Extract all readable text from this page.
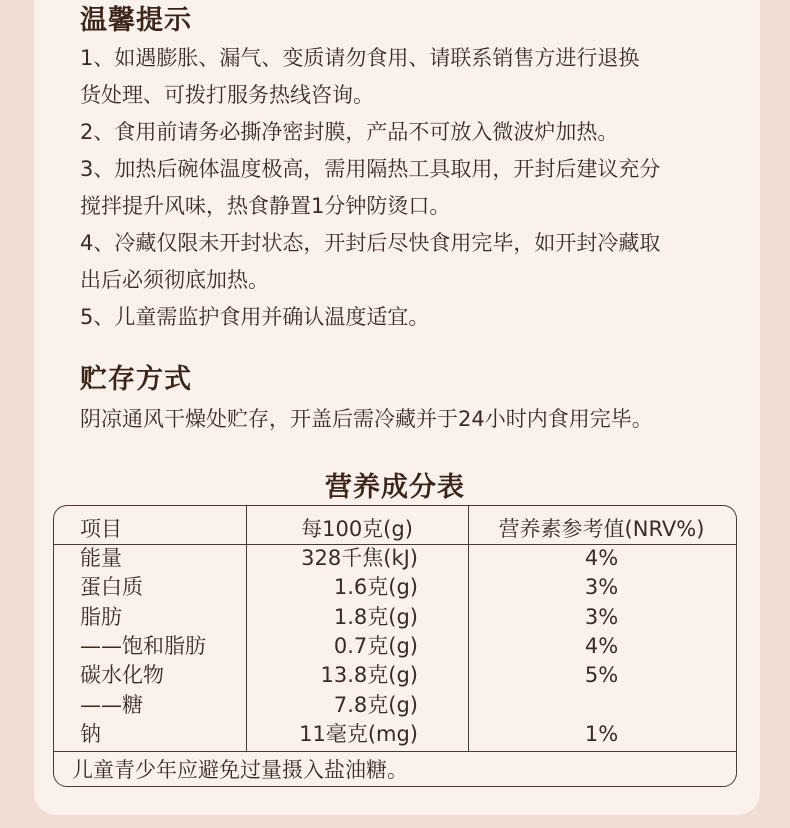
温馨提示
1、如遇膨胀、漏气、变质请勿食用、请联系销售方进行退换
货处理、可拨打服务热线咨询。
2、食用前请务必撕净密封膜，产品不可放入微波炉加热。
3、加热后碗体温度极高，需用隔热工具取用，开封后建议充分
搅拌提升风味，热食静置1分钟防烫口。
4、冷藏仅限未开封状态，开封后尽快食用完毕，如开封冷藏取
出后必须彻底加热。
5、儿童需监护食用并确认温度适宜。
贮存方式
阴凉通风干燥处贮存，开盖后需冷藏并于24小时内食用完毕。
营养成分表
项目	每100克(g)	营养素参考值(NRV%)
能量	328千焦(kJ)	4%
蛋白质	1.6克(g)	3%
脂肪	1.8克(g)	3%
——饱和脂肪	0.7克(g)	4%
碳水化物	13.8克(g)	5%
——糖	7.8克(g)
钠	11毫克(mg)	1%
儿童青少年应避免过量摄入盐油糖。
